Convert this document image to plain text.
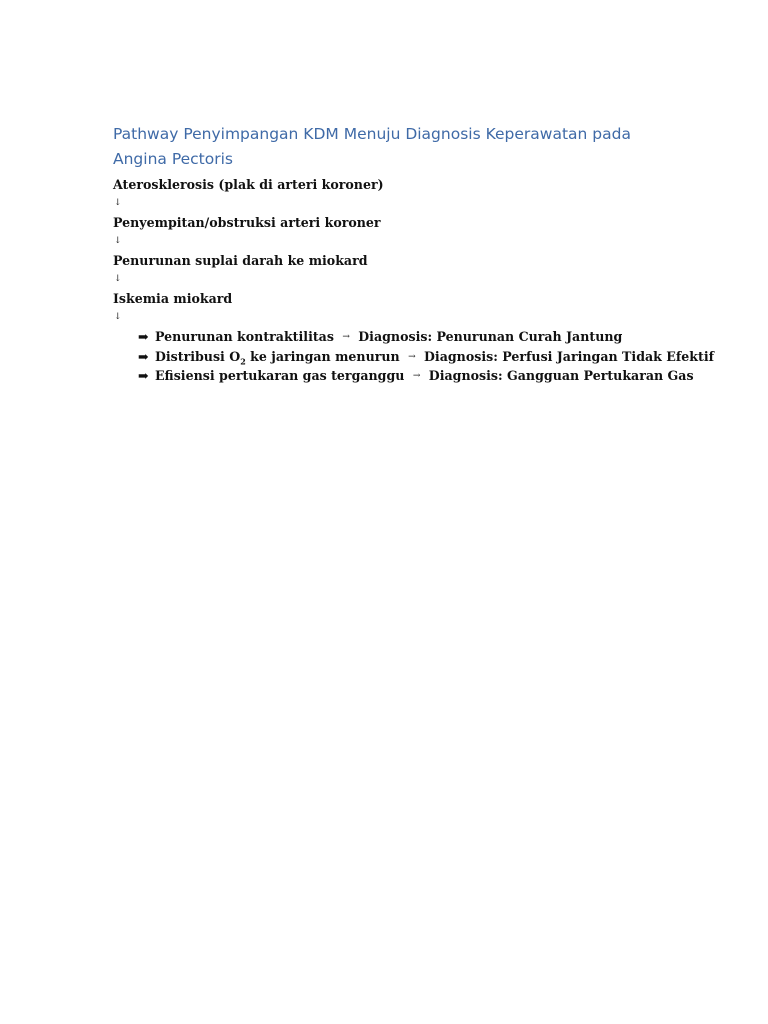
Pathway Penyimpangan KDM Menuju Diagnosis Keperawatan pada Angina Pectoris
Aterosklerosis (plak di arteri koroner)
↓
Penyempitan/obstruksi arteri koroner
↓
Penurunan suplai darah ke miokard
↓
Iskemia miokard
↓
➡ Penurunan kontraktilitas → Diagnosis: Penurunan Curah Jantung
➡ Distribusi $O_2$ ke jaringan menurun → Diagnosis: Perfusi Jaringan Tidak Efektif
➡ Efisiensi pertukaran gas terganggu → Diagnosis: Gangguan Pertukaran Gas
